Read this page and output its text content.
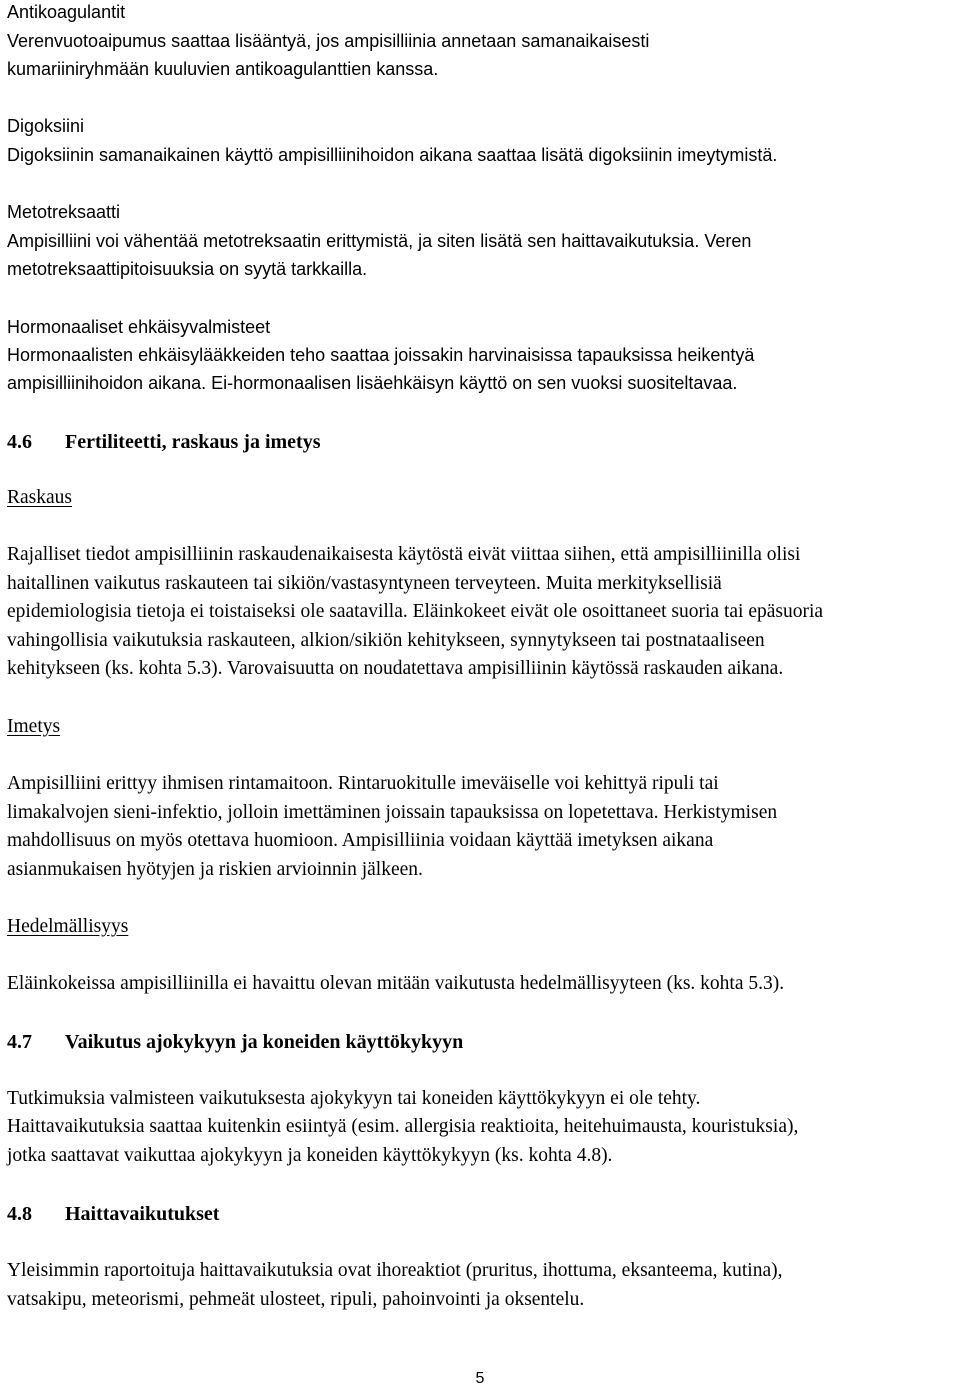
Antikoagulantit
Verenvuotoaipumus saattaa lisääntyä, jos ampisilliinia annetaan samanaikaisesti
kumariiniryhmään kuuluvien antikoagulanttien kanssa.
Digoksiini
Digoksiinin samanaikainen käyttö ampisilliinihoidon aikana saattaa lisätä digoksiinin imeytymistä.
Metotreksaatti
Ampisilliini voi vähentää metotreksaatin erittymistä, ja siten lisätä sen haittavaikutuksia. Veren
metotreksaattipitoisuuksia on syytä tarkkailla.
Hormonaaliset ehkäisyvalmisteet
Hormonaalisten ehkäisylääkkeiden teho saattaa joissakin harvinaisissa tapauksissa heikentyä
ampisilliinihoidon aikana. Ei-hormonaalisen lisäehkäisyn käyttö on sen vuoksi suositeltavaa.
4.6 Fertiliteetti, raskaus ja imetys
Raskaus
Rajalliset tiedot ampisilliinin raskaudenaikaisesta käytöstä eivät viittaa siihen, että ampisilliinilla olisi
haitallinen vaikutus raskauteen tai sikiön/vastasyntyneen terveyteen. Muita merkityksellisiä
epidemiologisia tietoja ei toistaiseksi ole saatavilla. Eläinkokeet eivät ole osoittaneet suoria tai epäsuoria
vahingollisia vaikutuksia raskauteen, alkion/sikiön kehitykseen, synnytykseen tai postnataaliseen
kehitykseen (ks. kohta 5.3). Varovaisuutta on noudatettava ampisilliinin käytössä raskauden aikana.
Imetys
Ampisilliini erittyy ihmisen rintamaitoon. Rintaruokitulle imeväiselle voi kehittyä ripuli tai
limakalvojen sieni-infektio, jolloin imettäminen joissain tapauksissa on lopetettava. Herkistymisen
mahdollisuus on myös otettava huomioon. Ampisilliinia voidaan käyttää imetyksen aikana
asianmukaisen hyötyjen ja riskien arvioinnin jälkeen.
Hedelmällisyys
Eläinkokeissa ampisilliinilla ei havaittu olevan mitään vaikutusta hedelmällisyyteen (ks. kohta 5.3).
4.7 Vaikutus ajokykyyn ja koneiden käyttökykyyn
Tutkimuksia valmisteen vaikutuksesta ajokykyyn tai koneiden käyttökykyyn ei ole tehty.
Haittavaikutuksia saattaa kuitenkin esiintyä (esim. allergisia reaktioita, heitehuimausta, kouristuksia),
jotka saattavat vaikuttaa ajokykyyn ja koneiden käyttökykyyn (ks. kohta 4.8).
4.8 Haittavaikutukset
Yleisimmin raportoituja haittavaikutuksia ovat ihoreaktiot (pruritus, ihottuma, eksanteema, kutina),
vatsakipu, meteorismi, pehmeät ulosteet, ripuli, pahoinvointi ja oksentelu.
5
